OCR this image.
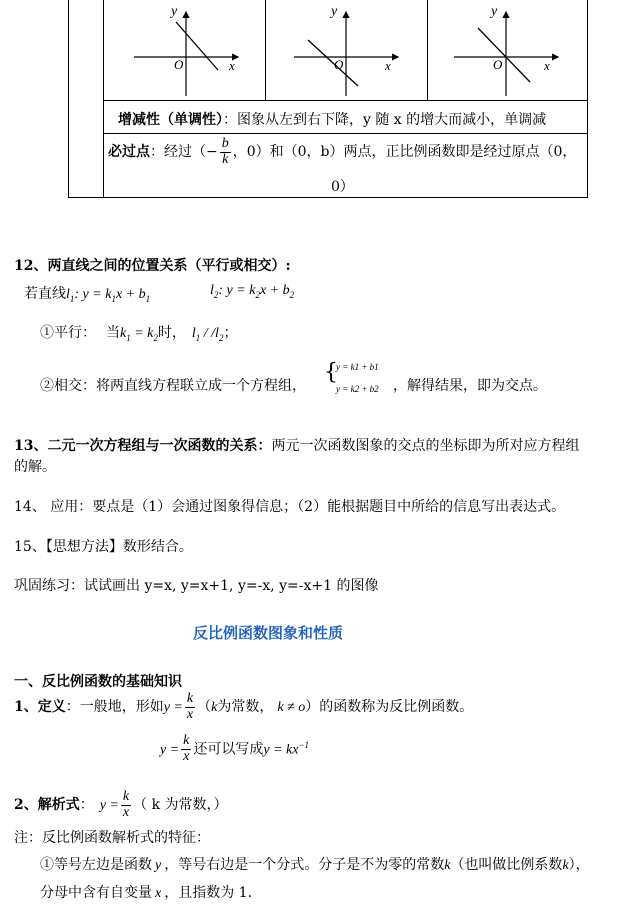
y
x
O
y
x
O
y
x
O
增减性（单调性）：图象从左到右下降，y 随 x 的增大而减小，单调减
必过点：经过（− $\frac{b}{k}$ ，0）和（0，b）两点，正比例函数即是经过原点（0，
0）
12、两直线之间的位置关系（平行或相交）:
若直线$l_1$: $y = k_1x + b_1$
$l_2$: $y = k_2x + b_2$
①平行： 当$k_1 = k_2$时， $l_1 / /l_2$；
②相交：将两直线方程联立成一个方程组，
{
y = k1 + b1
y = k2 + b2 ，解得结果，即为交点。
13、二元一次方程组与一次函数的关系：两元一次函数图象的交点的坐标即为所对应方程组
的解。
14、 应用：要点是（1）会通过图象得信息；（2）能根据题目中所给的信息写出表达式。
15、【思想方法】数形结合。
巩固练习：试试画出 y=x, y=x+1, y=-x, y=-x+1 的图像
反比例函数图象和性质
一、反比例函数的基础知识
1、定义：一般地，形如$y = \frac{k}{x} (k$为常数， k ≠ o）的函数称为反比例函数。
$y = \frac{k}{x}$ 还可以写成$y = kx^{-1}$
2、解析式： $y = \frac{k}{x}$ （ k 为常数，）
注：反比例函数解析式的特征：
①等号左边是函数 y ，等号右边是一个分式。分子是不为零的常数k（也叫做比例系数k），
分母中含有自变量 x ，且指数为 1.
